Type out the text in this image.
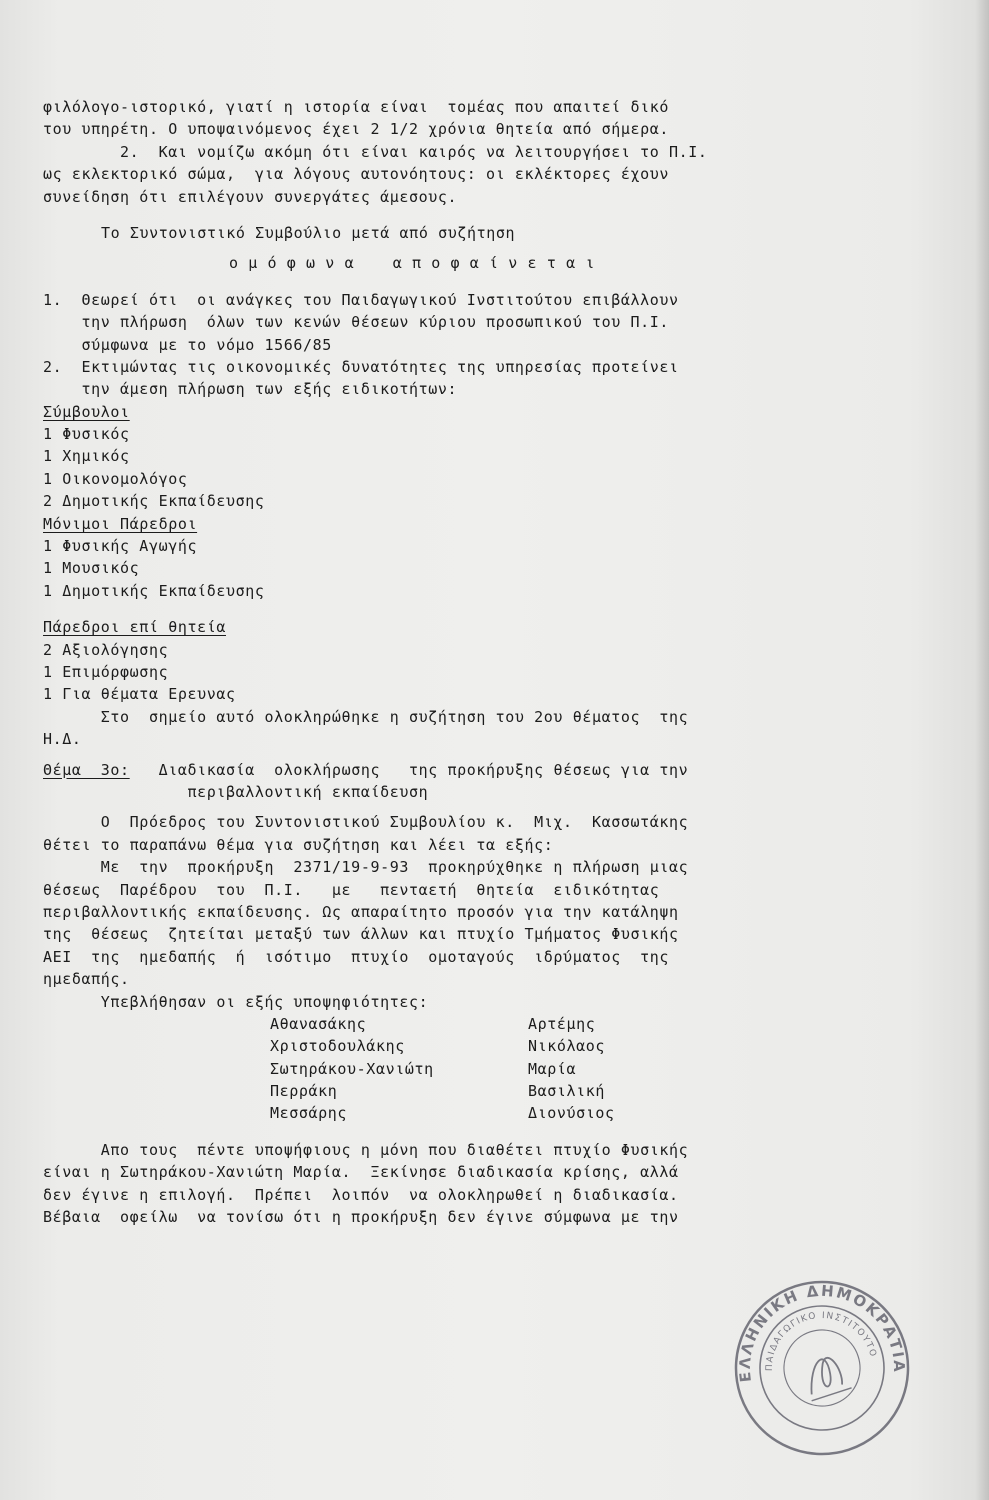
φιλόλογο-ιστορικό, γιατί η ιστορία είναι  τομέας που απαιτεί δικό
του υπηρέτη. Ο υποψαινόμενος έχει 2 1/2 χρόνια θητεία από σήμερα.
2.  Και νομίζω ακόμη ότι είναι καιρός να λειτουργήσει το Π.Ι.
ως εκλεκτορικό σώμα,  για λόγους αυτονόητους: οι εκλέκτορες έχουν
συνείδηση ότι επιλέγουν συνεργάτες άμεσους.
Το Συντονιστικό Συμβούλιο μετά από συζήτηση
ο μ ό φ ω ν α    α π ο φ α ί ν ε τ α ι
1.  Θεωρεί ότι  οι ανάγκες του Παιδαγωγικού Ινστιτούτου επιβάλλουν
την πλήρωση  όλων των κενών θέσεων κύριου προσωπικού του Π.Ι.
σύμφωνα με το νόμο 1566/85
2.  Εκτιμώντας τις οικονομικές δυνατότητες της υπηρεσίας προτείνει
την άμεση πλήρωση των εξής ειδικοτήτων:
Σύμβουλοι
1 Φυσικός
1 Χημικός
1 Οικονομολόγος
2 Δημοτικής Εκπαίδευσης
Μόνιμοι Πάρεδροι
1 Φυσικής Αγωγής
1 Μουσικός
1 Δημοτικής Εκπαίδευσης
Πάρεδροι επί θητεία
2 Αξιολόγησης
1 Επιμόρφωσης
1 Για θέματα Ερευνας
Στο  σημείο αυτό ολοκληρώθηκε η συζήτηση του 2ου θέματος  της
Η.Δ.
Θέμα  3ο:   Διαδικασία  ολοκλήρωσης   της προκήρυξης θέσεως για την
περιβαλλοντική εκπαίδευση
Ο  Πρόεδρος του Συντονιστικού Συμβουλίου κ.  Μιχ.  Κασσωτάκης
θέτει το παραπάνω θέμα για συζήτηση και λέει τα εξής:
Με  την  προκήρυξη  2371/19-9-93  προκηρύχθηκε η πλήρωση μιας
θέσεως  Παρέδρου  του  Π.Ι.   με   πενταετή  θητεία  ειδικότητας
περιβαλλοντικής εκπαίδευσης. Ως απαραίτητο προσόν για την κατάληψη
της  θέσεως  ζητείται μεταξύ των άλλων και πτυχίο Τμήματος Φυσικής
ΑΕΙ  της  ημεδαπής  ή  ισότιμο  πτυχίο  ομοταγούς  ιδρύματος  της
ημεδαπής.
Υπεβλήθησαν οι εξής υποψηφιότητες:
Αθανασάκης	Αρτέμης
Χριστοδουλάκης	Νικόλαος
Σωτηράκου-Χανιώτη	Μαρία
Περράκη	Βασιλική
Μεσσάρης	Διονύσιος
Απο τους  πέντε υποψήφιους η μόνη που διαθέτει πτυχίο Φυσικής
είναι η Σωτηράκου-Χανιώτη Μαρία.  Ξεκίνησε διαδικασία κρίσης, αλλά
δεν έγινε η επιλογή.  Πρέπει  λοιπόν  να ολοκληρωθεί η διαδικασία.
Βέβαια  οφείλω  να τονίσω ότι η προκήρυξη δεν έγινε σύμφωνα με την
ΕΛΛΗΝΙΚΗ ΔΗΜΟΚΡΑΤΙΑ
ΠΑΙΔΑΓΩΓΙΚΟ ΙΝΣΤΙΤΟΥΤΟ
